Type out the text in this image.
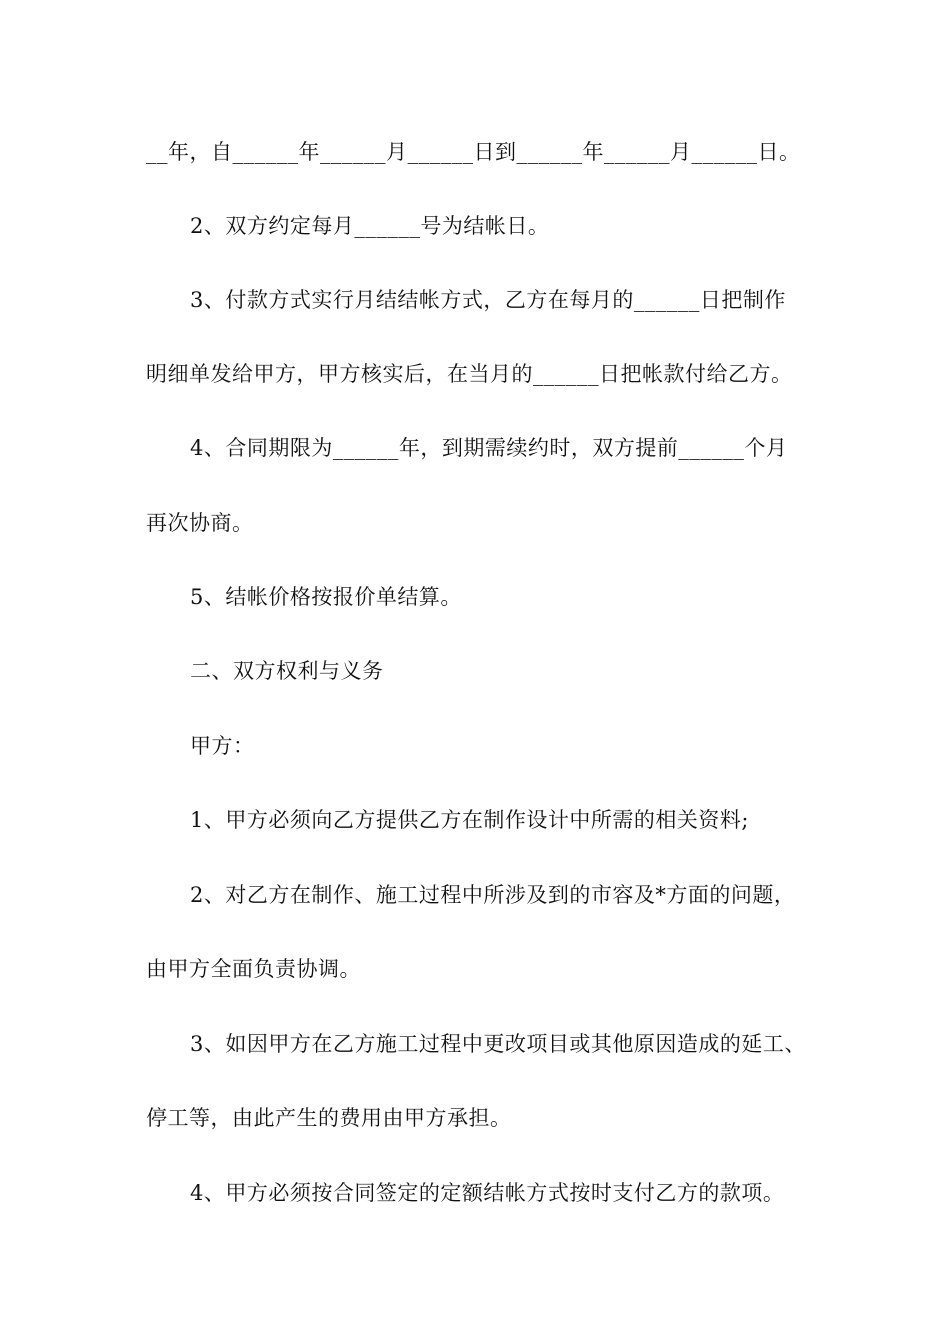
__年，自______年______月______日到______年______月______日。
2、双方约定每月______号为结帐日。
3、付款方式实行月结结帐方式，乙方在每月的______日把制作
明细单发给甲方，甲方核实后，在当月的______日把帐款付给乙方。
4、合同期限为______年，到期需续约时，双方提前______个月
再次协商。
5、结帐价格按报价单结算。
二、双方权利与义务
甲方：
1、甲方必须向乙方提供乙方在制作设计中所需的相关资料;
2、对乙方在制作、施工过程中所涉及到的市容及*方面的问题，
由甲方全面负责协调。
3、如因甲方在乙方施工过程中更改项目或其他原因造成的延工、
停工等，由此产生的费用由甲方承担。
4、甲方必须按合同签定的定额结帐方式按时支付乙方的款项。
